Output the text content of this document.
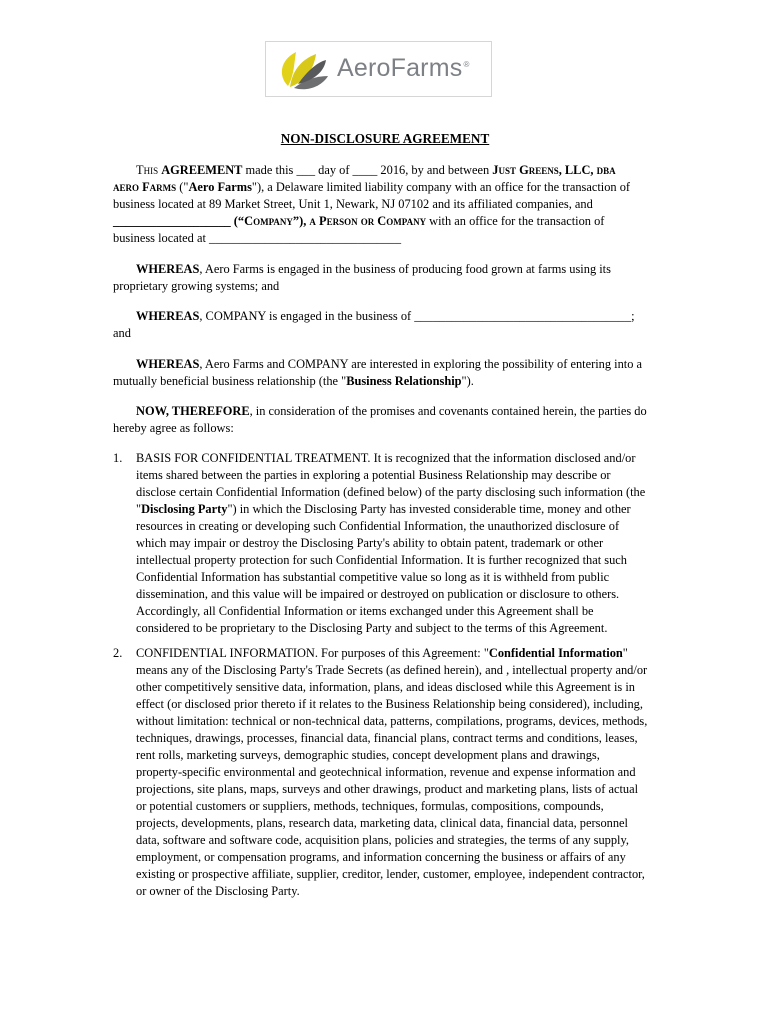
AeroFarms®
NON-DISCLOSURE AGREEMENT
This AGREEMENT made this ___ day of ____ 2016, by and between Just Greens, LLC, dba
aero Farms ("Aero Farms"), a Delaware limited liability company with an office for the transaction of
business located at 89 Market Street, Unit 1, Newark, NJ 07102 and its affiliated companies, and
___________________ (“Company”), a Person or Company with an office for the transaction of
business located at _______________________________
WHEREAS, Aero Farms is engaged in the business of producing food grown at farms using its
proprietary growing systems; and
WHEREAS, COMPANY is engaged in the business of ___________________________________;
and
WHEREAS, Aero Farms and COMPANY are interested in exploring the possibility of entering into a
mutually beneficial business relationship (the "Business Relationship").
NOW, THEREFORE, in consideration of the promises and covenants contained herein, the parties do
hereby agree as follows:
1. BASIS FOR CONFIDENTIAL TREATMENT. It is recognized that the information disclosed and/or
items shared between the parties in exploring a potential Business Relationship may describe or
disclose certain Confidential Information (defined below) of the party disclosing such information (the
"Disclosing Party") in which the Disclosing Party has invested considerable time, money and other
resources in creating or developing such Confidential Information, the unauthorized disclosure of
which may impair or destroy the Disclosing Party's ability to obtain patent, trademark or other
intellectual property protection for such Confidential Information. It is further recognized that such
Confidential Information has substantial competitive value so long as it is withheld from public
dissemination, and this value will be impaired or destroyed on publication or disclosure to others.
Accordingly, all Confidential Information or items exchanged under this Agreement shall be
considered to be proprietary to the Disclosing Party and subject to the terms of this Agreement.
2. CONFIDENTIAL INFORMATION. For purposes of this Agreement: "Confidential Information"
means any of the Disclosing Party's Trade Secrets (as defined herein), and , intellectual property and/or
other competitively sensitive data, information, plans, and ideas disclosed while this Agreement is in
effect (or disclosed prior thereto if it relates to the Business Relationship being considered), including,
without limitation: technical or non-technical data, patterns, compilations, programs, devices, methods,
techniques, drawings, processes, financial data, financial plans, contract terms and conditions, leases,
rent rolls, marketing surveys, demographic studies, concept development plans and drawings,
property-specific environmental and geotechnical information, revenue and expense information and
projections, site plans, maps, surveys and other drawings, product and marketing plans, lists of actual
or potential customers or suppliers, methods, techniques, formulas, compositions, compounds,
projects, developments, plans, research data, marketing data, clinical data, financial data, personnel
data, software and software code, acquisition plans, policies and strategies, the terms of any supply,
employment, or compensation programs, and information concerning the business or affairs of any
existing or prospective affiliate, supplier, creditor, lender, customer, employee, independent contractor,
or owner of the Disclosing Party.
